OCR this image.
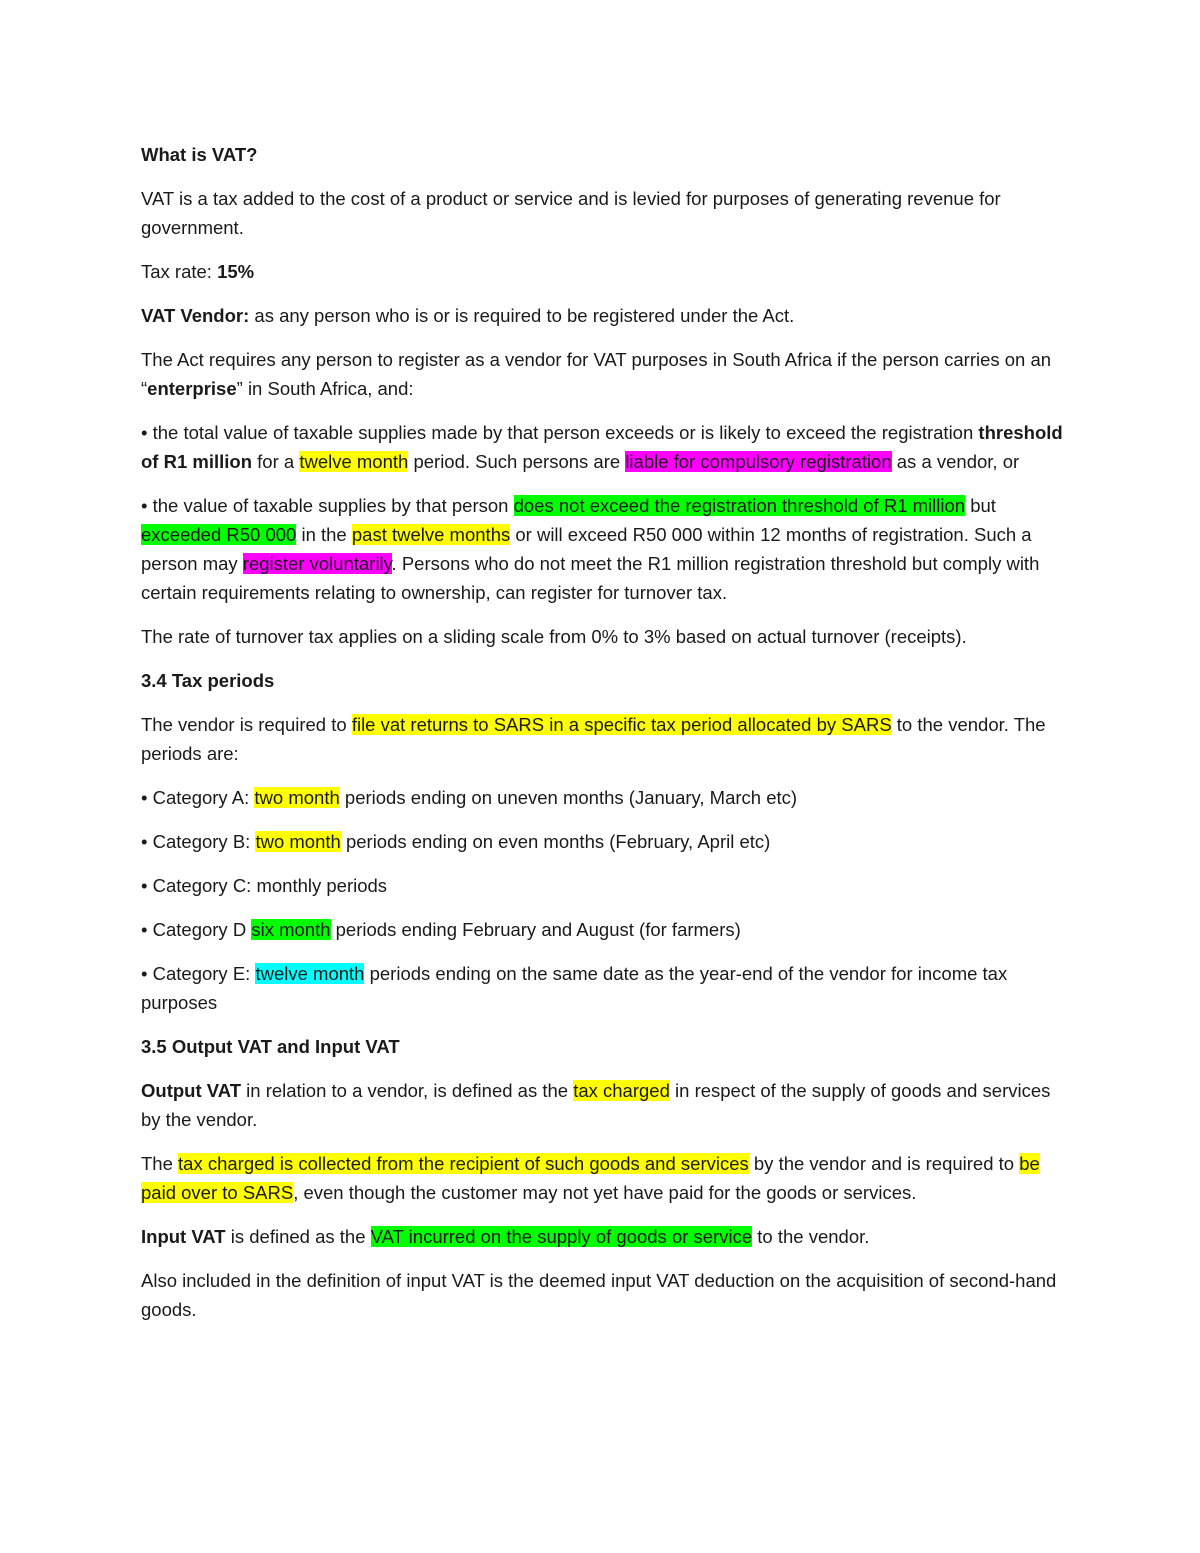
What is VAT?

VAT is a tax added to the cost of a product or service and is levied for purposes of generating revenue for government.

Tax rate: 15%

VAT Vendor: as any person who is or is required to be registered under the Act.

The Act requires any person to register as a vendor for VAT purposes in South Africa if the person carries on an “enterprise” in South Africa, and:

• the total value of taxable supplies made by that person exceeds or is likely to exceed the registration threshold of R1 million for a twelve month period. Such persons are liable for compulsory registration as a vendor, or

• the value of taxable supplies by that person does not exceed the registration threshold of R1 million but exceeded R50 000 in the past twelve months or will exceed R50 000 within 12 months of registration. Such a person may register voluntarily. Persons who do not meet the R1 million registration threshold but comply with certain requirements relating to ownership, can register for turnover tax.

The rate of turnover tax applies on a sliding scale from 0% to 3% based on actual turnover (receipts).

3.4 Tax periods

The vendor is required to file vat returns to SARS in a specific tax period allocated by SARS to the vendor. The periods are:

• Category A: two month periods ending on uneven months (January, March etc)

• Category B: two month periods ending on even months (February, April etc)

• Category C: monthly periods

• Category D six month periods ending February and August (for farmers)

• Category E: twelve month periods ending on the same date as the year-end of the vendor for income tax purposes

3.5 Output VAT and Input VAT

Output VAT in relation to a vendor, is defined as the tax charged in respect of the supply of goods and services by the vendor.

The tax charged is collected from the recipient of such goods and services by the vendor and is required to be paid over to SARS, even though the customer may not yet have paid for the goods or services.

Input VAT is defined as the VAT incurred on the supply of goods or service to the vendor.

Also included in the definition of input VAT is the deemed input VAT deduction on the acquisition of second-hand goods.
